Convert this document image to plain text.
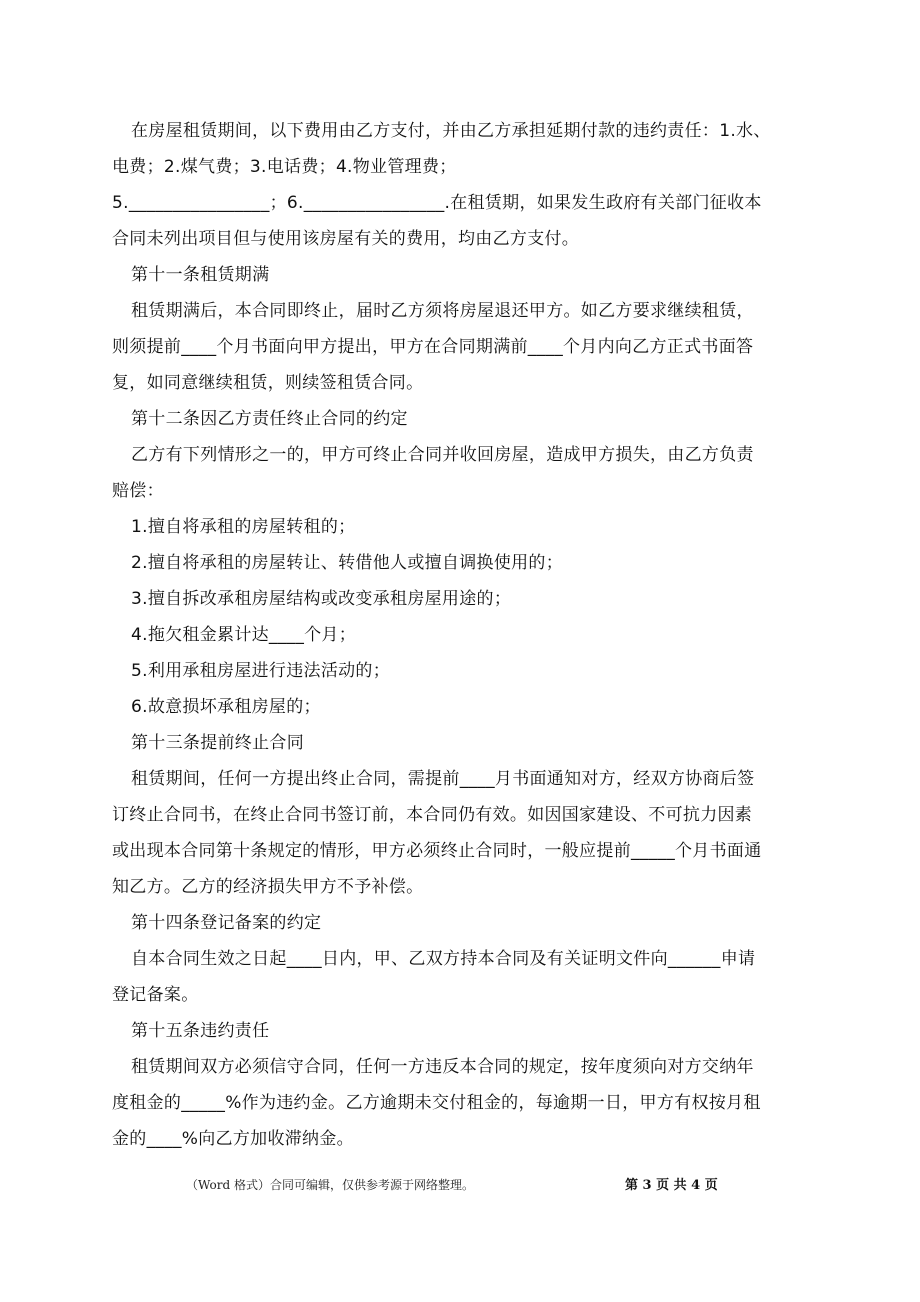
在房屋租赁期间，以下费用由乙方支付，并由乙方承担延期付款的违约责任：1.水、
电费；2.煤气费；3.电话费；4.物业管理费；
5.________________；6.________________.在租赁期，如果发生政府有关部门征收本
合同未列出项目但与使用该房屋有关的费用，均由乙方支付。
第十一条租赁期满
租赁期满后，本合同即终止，届时乙方须将房屋退还甲方。如乙方要求继续租赁，
则须提前____个月书面向甲方提出，甲方在合同期满前____个月内向乙方正式书面答
复，如同意继续租赁，则续签租赁合同。
第十二条因乙方责任终止合同的约定
乙方有下列情形之一的，甲方可终止合同并收回房屋，造成甲方损失，由乙方负责
赔偿：
1.擅自将承租的房屋转租的；
2.擅自将承租的房屋转让、转借他人或擅自调换使用的；
3.擅自拆改承租房屋结构或改变承租房屋用途的；
4.拖欠租金累计达____个月；
5.利用承租房屋进行违法活动的；
6.故意损坏承租房屋的；
第十三条提前终止合同
租赁期间，任何一方提出终止合同，需提前____月书面通知对方，经双方协商后签
订终止合同书，在终止合同书签订前，本合同仍有效。如因国家建设、不可抗力因素
或出现本合同第十条规定的情形，甲方必须终止合同时，一般应提前_____个月书面通
知乙方。乙方的经济损失甲方不予补偿。
第十四条登记备案的约定
自本合同生效之日起____日内，甲、乙双方持本合同及有关证明文件向______申请
登记备案。
第十五条违约责任
租赁期间双方必须信守合同，任何一方违反本合同的规定，按年度须向对方交纳年
度租金的_____%作为违约金。乙方逾期未交付租金的，每逾期一日，甲方有权按月租
金的____%向乙方加收滞纳金。
（Word 格式）合同可编辑，仅供参考源于网络整理。	第 3 页 共 4 页
